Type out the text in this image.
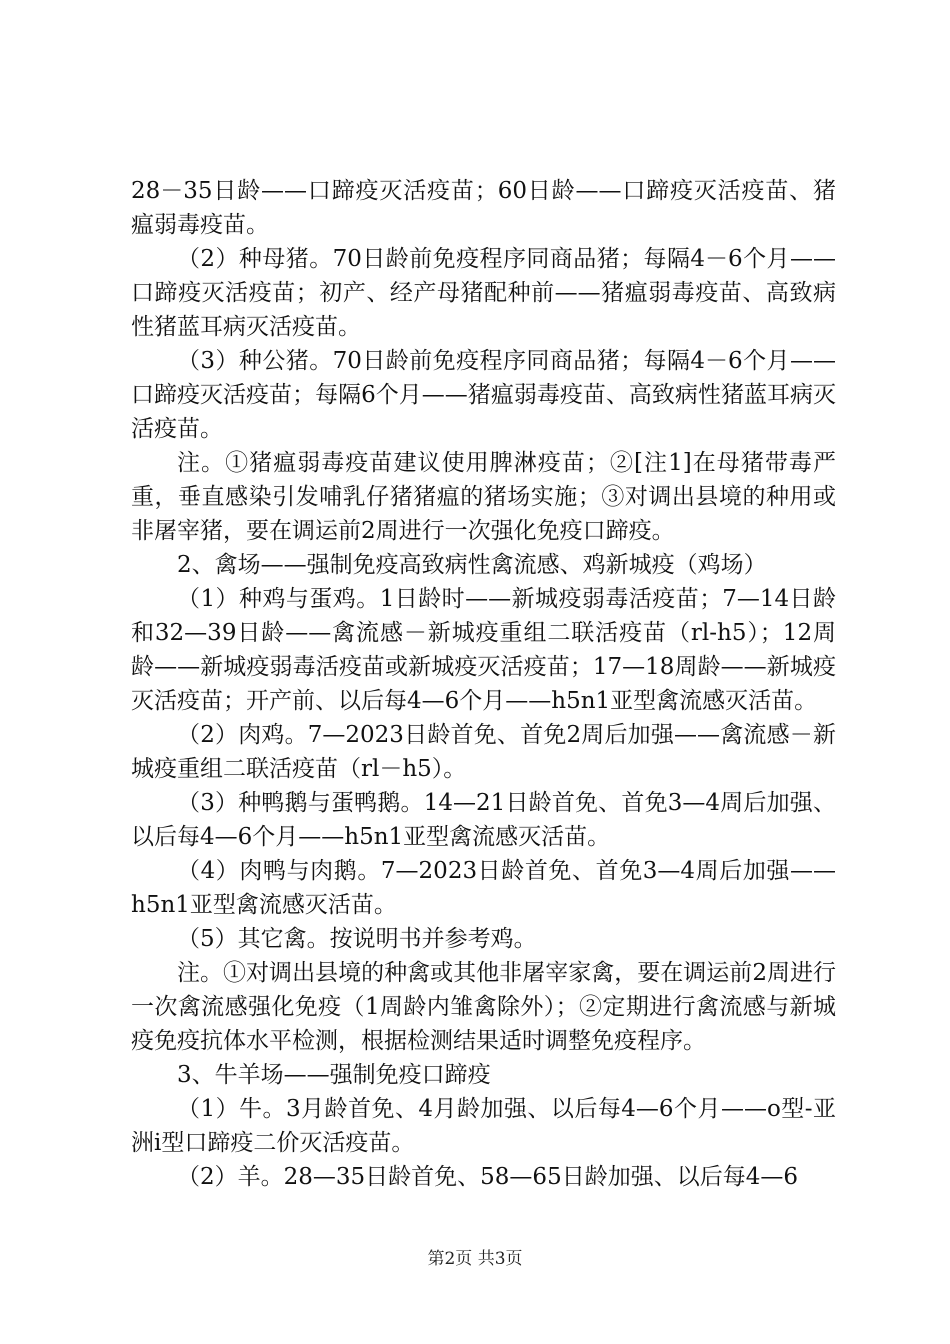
28－35日龄——口蹄疫灭活疫苗；60日龄——口蹄疫灭活疫苗、猪瘟弱毒疫苗。

（2）种母猪。70日龄前免疫程序同商品猪；每隔4－6个月——口蹄疫灭活疫苗；初产、经产母猪配种前——猪瘟弱毒疫苗、高致病性猪蓝耳病灭活疫苗。

（3）种公猪。70日龄前免疫程序同商品猪；每隔4－6个月——口蹄疫灭活疫苗；每隔6个月——猪瘟弱毒疫苗、高致病性猪蓝耳病灭活疫苗。

注。①猪瘟弱毒疫苗建议使用脾淋疫苗；②[注1]在母猪带毒严重，垂直感染引发哺乳仔猪猪瘟的猪场实施；③对调出县境的种用或非屠宰猪，要在调运前2周进行一次强化免疫口蹄疫。

2、禽场——强制免疫高致病性禽流感、鸡新城疫（鸡场）

（1）种鸡与蛋鸡。1日龄时——新城疫弱毒活疫苗；7—14日龄和32—39日龄——禽流感－新城疫重组二联活疫苗（rl-h5）；12周龄——新城疫弱毒活疫苗或新城疫灭活疫苗；17—18周龄——新城疫灭活疫苗；开产前、以后每4—6个月——h5n1亚型禽流感灭活苗。

（2）肉鸡。7—2023日龄首免、首免2周后加强——禽流感－新城疫重组二联活疫苗（rl－h5）。

（3）种鸭鹅与蛋鸭鹅。14—21日龄首免、首免3—4周后加强、以后每4—6个月——h5n1亚型禽流感灭活苗。

（4）肉鸭与肉鹅。7—2023日龄首免、首免3—4周后加强——h5n1亚型禽流感灭活苗。

（5）其它禽。按说明书并参考鸡。

注。①对调出县境的种禽或其他非屠宰家禽，要在调运前2周进行一次禽流感强化免疫（1周龄内雏禽除外）；②定期进行禽流感与新城疫免疫抗体水平检测，根据检测结果适时调整免疫程序。

3、牛羊场——强制免疫口蹄疫

（1）牛。3月龄首免、4月龄加强、以后每4—6个月——o型-亚洲i型口蹄疫二价灭活疫苗。

（2）羊。28—35日龄首免、58—65日龄加强、以后每4—6

第2页 共3页
